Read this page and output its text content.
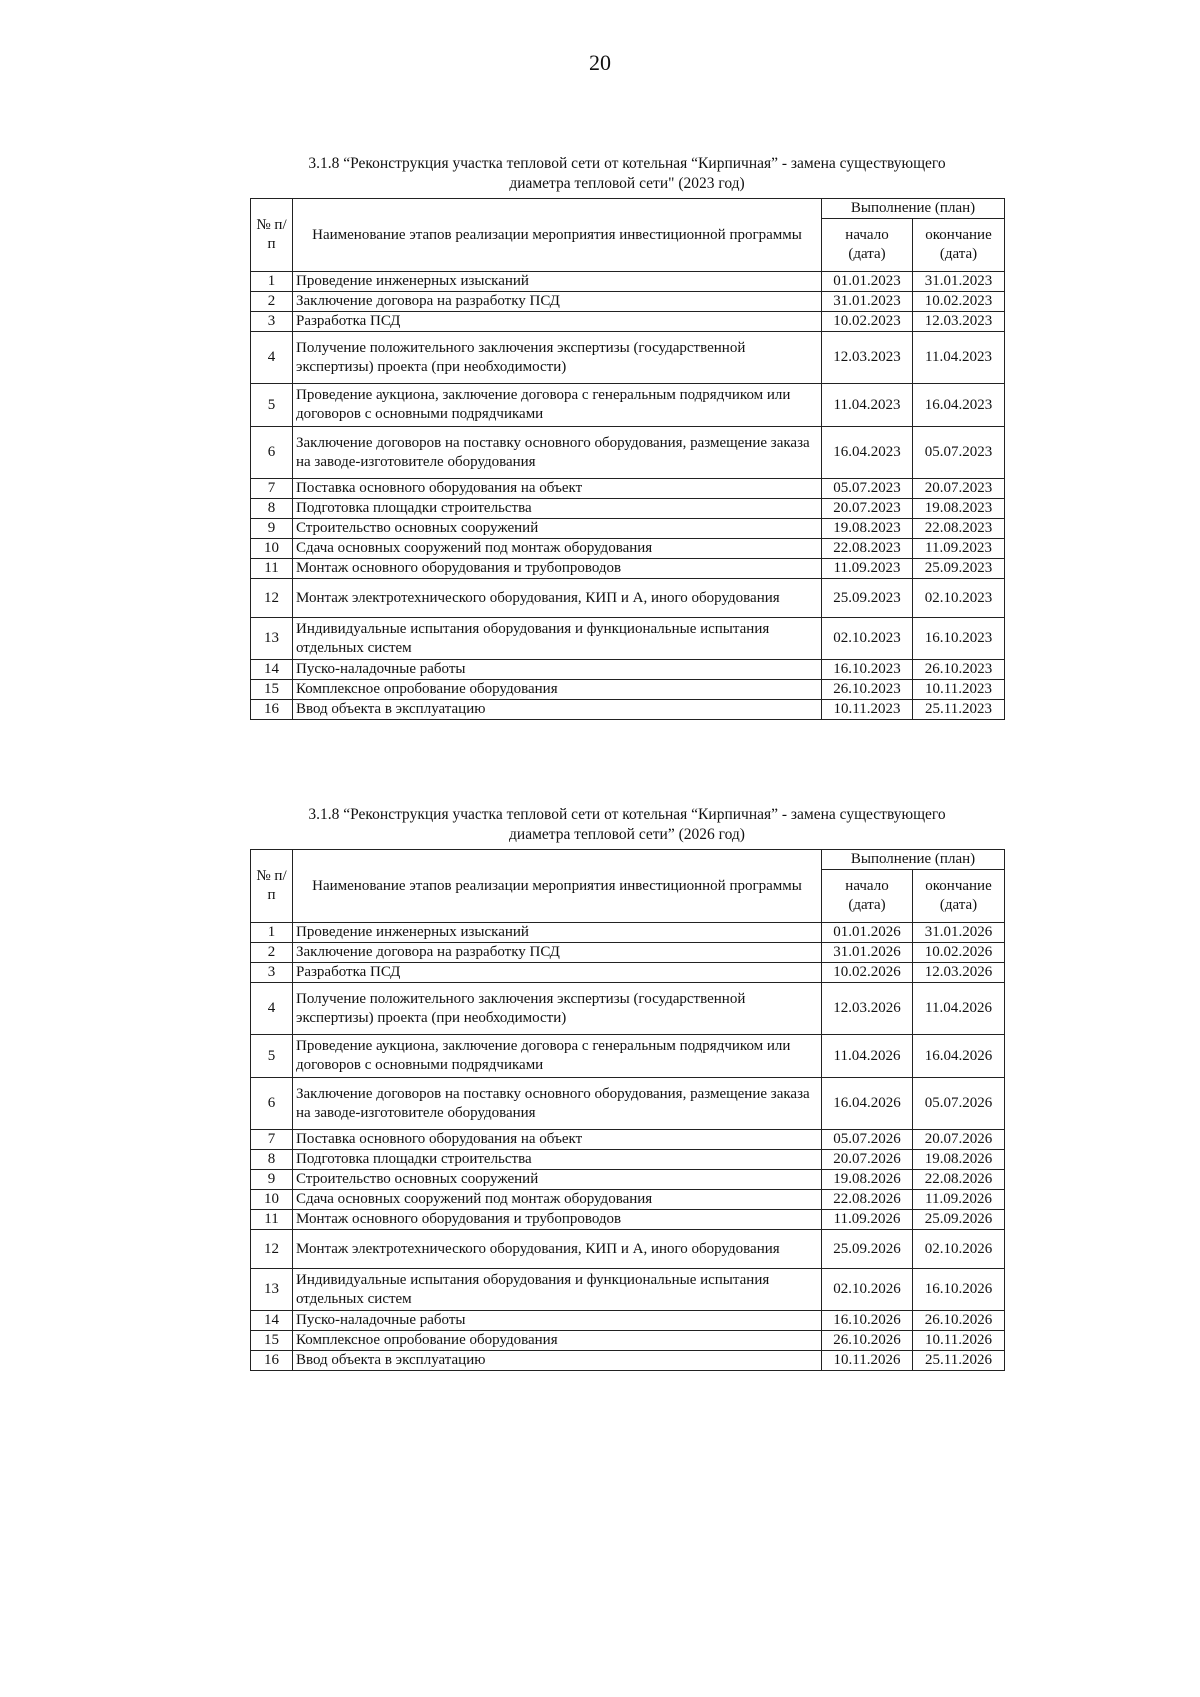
20
3.1.8 “Реконструкция участка тепловой сети от котельная “Кирпичная” - замена существующего
диаметра тепловой сети" (2023 год)
№ п/п	Наименование этапов реализации мероприятия инвестиционной программы	Выполнение (план)	
		начало (дата)	окончание (дата)
1	Проведение инженерных изысканий	01.01.2023	31.01.2023
2	Заключение договора на разработку ПСД	31.01.2023	10.02.2023
3	Разработка ПСД	10.02.2023	12.03.2023
4	Получение положительного заключения экспертизы (государственной экспертизы) проекта (при необходимости)	12.03.2023	11.04.2023
5	Проведение аукциона, заключение договора с генеральным подрядчиком или договоров с основными подрядчиками	11.04.2023	16.04.2023
6	Заключение договоров на поставку основного оборудования, размещение заказа на заводе-изготовителе оборудования	16.04.2023	05.07.2023
7	Поставка основного оборудования на объект	05.07.2023	20.07.2023
8	Подготовка площадки строительства	20.07.2023	19.08.2023
9	Строительство основных сооружений	19.08.2023	22.08.2023
10	Сдача основных сооружений под монтаж оборудования	22.08.2023	11.09.2023
11	Монтаж основного оборудования и трубопроводов	11.09.2023	25.09.2023
12	Монтаж электротехнического оборудования, КИП и А, иного оборудования	25.09.2023	02.10.2023
13	Индивидуальные испытания оборудования и функциональные испытания отдельных систем	02.10.2023	16.10.2023
14	Пуско-наладочные работы	16.10.2023	26.10.2023
15	Комплексное опробование оборудования	26.10.2023	10.11.2023
16	Ввод объекта в эксплуатацию	10.11.2023	25.11.2023
3.1.8 “Реконструкция участка тепловой сети от котельная “Кирпичная” - замена существующего
диаметра тепловой сети” (2026 год)
№ п/п	Наименование этапов реализации мероприятия инвестиционной программы	Выполнение (план)	
		начало (дата)	окончание (дата)
1	Проведение инженерных изысканий	01.01.2026	31.01.2026
2	Заключение договора на разработку ПСД	31.01.2026	10.02.2026
3	Разработка ПСД	10.02.2026	12.03.2026
4	Получение положительного заключения экспертизы (государственной экспертизы) проекта (при необходимости)	12.03.2026	11.04.2026
5	Проведение аукциона, заключение договора с генеральным подрядчиком или договоров с основными подрядчиками	11.04.2026	16.04.2026
6	Заключение договоров на поставку основного оборудования, размещение заказа на заводе-изготовителе оборудования	16.04.2026	05.07.2026
7	Поставка основного оборудования на объект	05.07.2026	20.07.2026
8	Подготовка площадки строительства	20.07.2026	19.08.2026
9	Строительство основных сооружений	19.08.2026	22.08.2026
10	Сдача основных сооружений под монтаж оборудования	22.08.2026	11.09.2026
11	Монтаж основного оборудования и трубопроводов	11.09.2026	25.09.2026
12	Монтаж электротехнического оборудования, КИП и А, иного оборудования	25.09.2026	02.10.2026
13	Индивидуальные испытания оборудования и функциональные испытания отдельных систем	02.10.2026	16.10.2026
14	Пуско-наладочные работы	16.10.2026	26.10.2026
15	Комплексное опробование оборудования	26.10.2026	10.11.2026
16	Ввод объекта в эксплуатацию	10.11.2026	25.11.2026
